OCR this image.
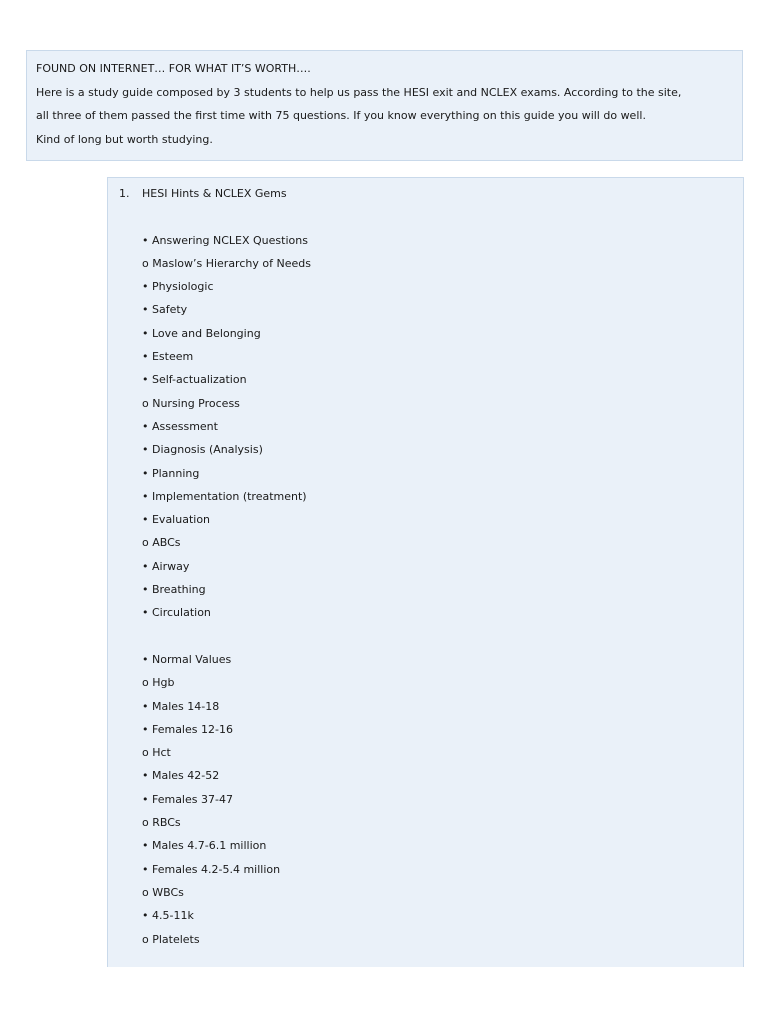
FOUND ON INTERNET… FOR WHAT IT’S WORTH….
Here is a study guide composed by 3 students to help us pass the HESI exit and NCLEX exams. According to the site,
all three of them passed the first time with 75 questions. If you know everything on this guide you will do well.
Kind of long but worth studying.
1. HESI Hints & NCLEX Gems
• Answering NCLEX Questions
o Maslow’s Hierarchy of Needs
• Physiologic
• Safety
• Love and Belonging
• Esteem
• Self-actualization
o Nursing Process
• Assessment
• Diagnosis (Analysis)
• Planning
• Implementation (treatment)
• Evaluation
o ABCs
• Airway
• Breathing
• Circulation
• Normal Values
o Hgb
• Males 14-18
• Females 12-16
o Hct
• Males 42-52
• Females 37-47
o RBCs
• Males 4.7-6.1 million
• Females 4.2-5.4 million
o WBCs
• 4.5-11k
o Platelets
